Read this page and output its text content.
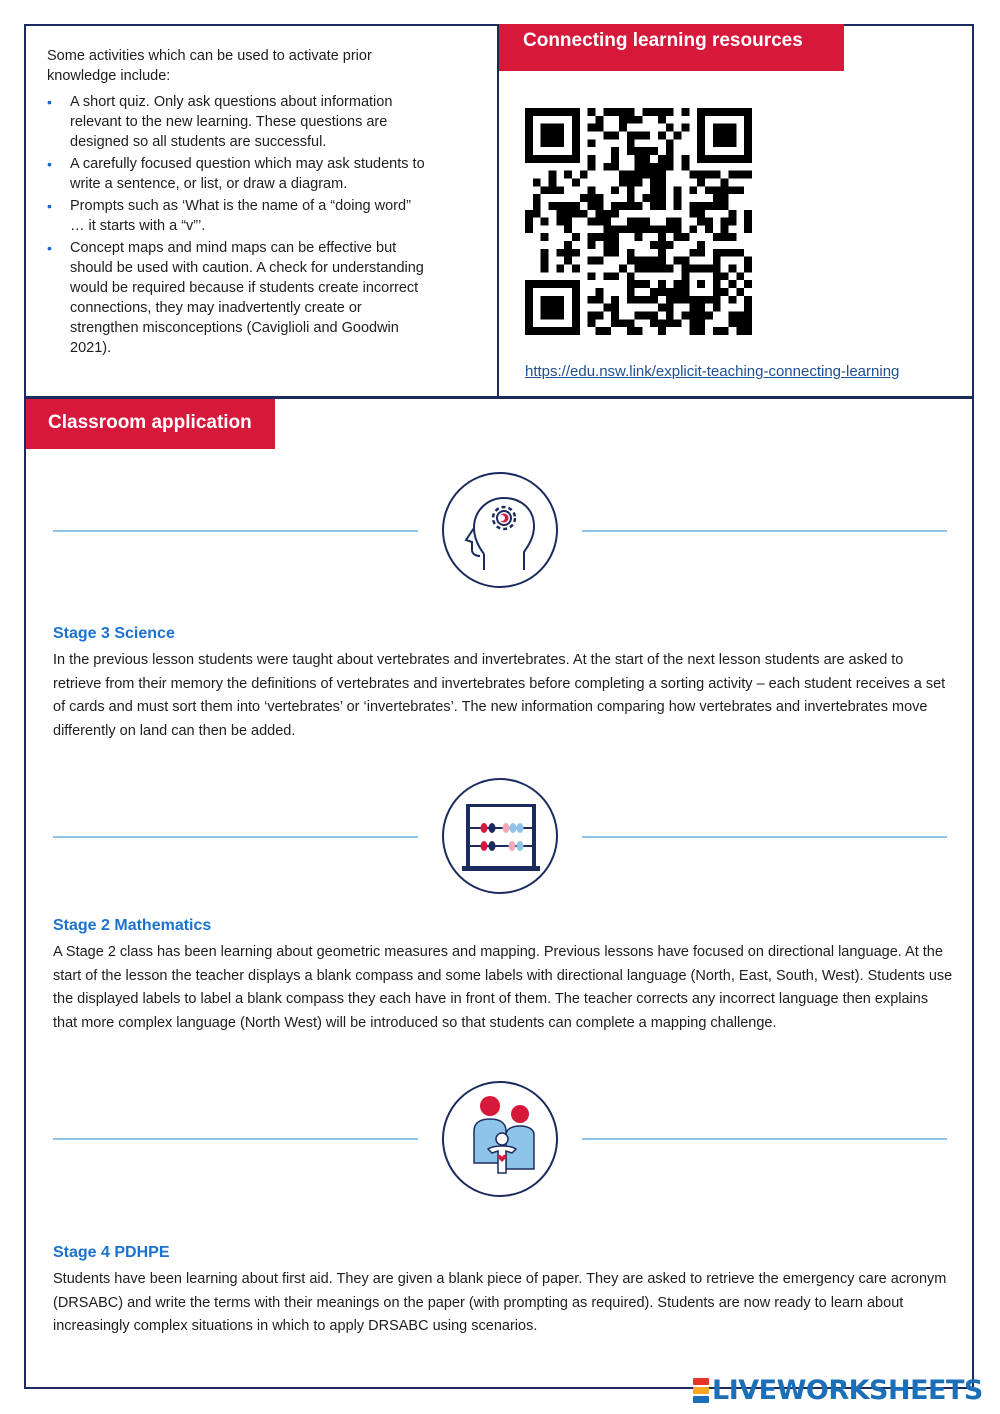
Some activities which can be used to activate prior knowledge include:

• A short quiz. Only ask questions about information relevant to the new learning. These questions are designed so all students are successful.
• A carefully focused question which may ask students to write a sentence, or list, or draw a diagram.
• Prompts such as ‘What is the name of a “doing word” … it starts with a “v”’.
• Concept maps and mind maps can be effective but should be used with caution. A check for understanding would be required because if students create incorrect connections, they may inadvertently create or strengthen misconceptions (Caviglioli and Goodwin 2021).
Connecting learning resources
https://edu.nsw.link/explicit-teaching-connecting-learning
Classroom application
Stage 3 Science
In the previous lesson students were taught about vertebrates and invertebrates. At the start of the next lesson students are asked to retrieve from their memory the definitions of vertebrates and invertebrates before completing a sorting activity – each student receives a set of cards and must sort them into ‘vertebrates’ or ‘invertebrates’. The new information comparing how vertebrates and invertebrates move differently on land can then be added.
Stage 2 Mathematics
A Stage 2 class has been learning about geometric measures and mapping. Previous lessons have focused on directional language. At the start of the lesson the teacher displays a blank compass and some labels with directional language (North, East, South, West). Students use the displayed labels to label a blank compass they each have in front of them. The teacher corrects any incorrect language then explains that more complex language (North West) will be introduced so that students can complete a mapping challenge.
Stage 4 PDHPE
Students have been learning about first aid. They are given a blank piece of paper. They are asked to retrieve the emergency care acronym (DRSABC) and write the terms with their meanings on the paper (with prompting as required). Students are now ready to learn about increasingly complex situations in which to apply DRSABC using scenarios.
LIVEWORKSHEETS
